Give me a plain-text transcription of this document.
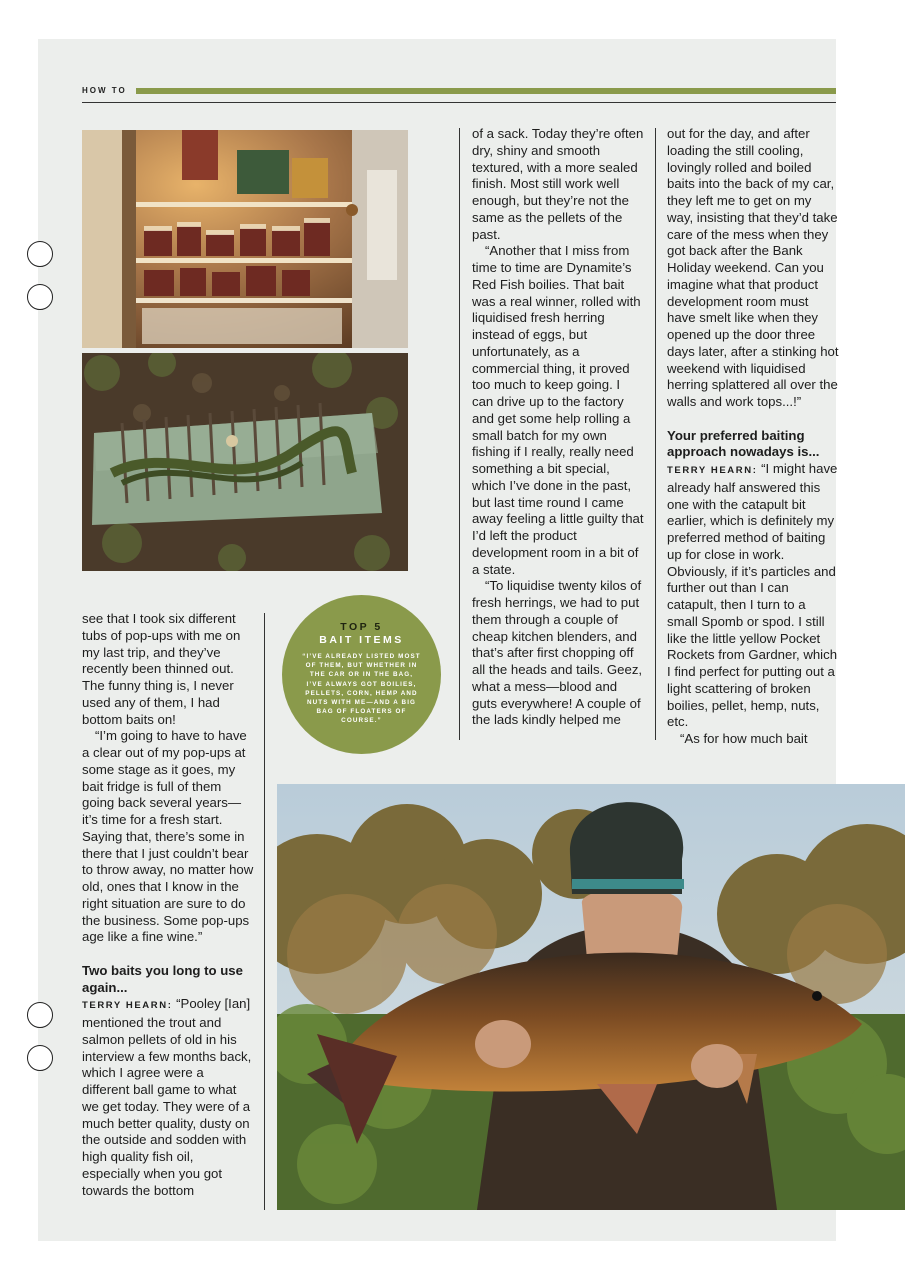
HOW TO

see that I took six different tubs of pop-ups with me on my last trip, and they’ve recently been thinned out. The funny thing is, I never used any of them, I had bottom baits on!

“I’m going to have to have a clear out of my pop-ups at some stage as it goes, my bait fridge is full of them going back several years—it’s time for a fresh start. Saying that, there’s some in there that I just couldn’t bear to throw away, no matter how old, ones that I know in the right situation are sure to do the business. Some pop-ups age like a fine wine.”

Two baits you long to use again...

TERRY HEARN: “Pooley [Ian] mentioned the trout and salmon pellets of old in his interview a few months back, which I agree were a different ball game to what we get today. They were of a much better quality, dusty on the outside and sodden with high quality fish oil, especially when you got towards the bottom

TOP 5
BAIT ITEMS
“I’VE ALREADY LISTED MOST OF THEM, BUT WHETHER IN THE CAR OR IN THE BAG, I’VE ALWAYS GOT BOILIES, PELLETS, CORN, HEMP AND NUTS WITH ME—AND A BIG BAG OF FLOATERS OF COURSE.”

of a sack. Today they’re often dry, shiny and smooth textured, with a more sealed finish. Most still work well enough, but they’re not the same as the pellets of the past.

“Another that I miss from time to time are Dynamite’s Red Fish boilies. That bait was a real winner, rolled with liquidised fresh herring instead of eggs, but unfortunately, as a commercial thing, it proved too much to keep going. I can drive up to the factory and get some help rolling a small batch for my own fishing if I really, really need something a bit special, which I’ve done in the past, but last time round I came away feeling a little guilty that I’d left the product development room in a bit of a state.

“To liquidise twenty kilos of fresh herrings, we had to put them through a couple of cheap kitchen blenders, and that’s after first chopping off all the heads and tails. Geez, what a mess—blood and guts everywhere! A couple of the lads kindly helped me

out for the day, and after loading the still cooling, lovingly rolled and boiled baits into the back of my car, they left me to get on my way, insisting that they’d take care of the mess when they got back after the Bank Holiday weekend. Can you imagine what that product development room must have smelt like when they opened up the door three days later, after a stinking hot weekend with liquidised herring splattered all over the walls and work tops...!”

Your preferred baiting approach nowadays is...

TERRY HEARN: “I might have already half answered this one with the catapult bit earlier, which is definitely my preferred method of baiting up for close in work. Obviously, if it’s particles and further out than I can catapult, then I turn to a small Spomb or spod. I still like the little yellow Pocket Rockets from Gardner, which I find perfect for putting out a light scattering of broken boilies, pellet, hemp, nuts, etc.

“As for how much bait
